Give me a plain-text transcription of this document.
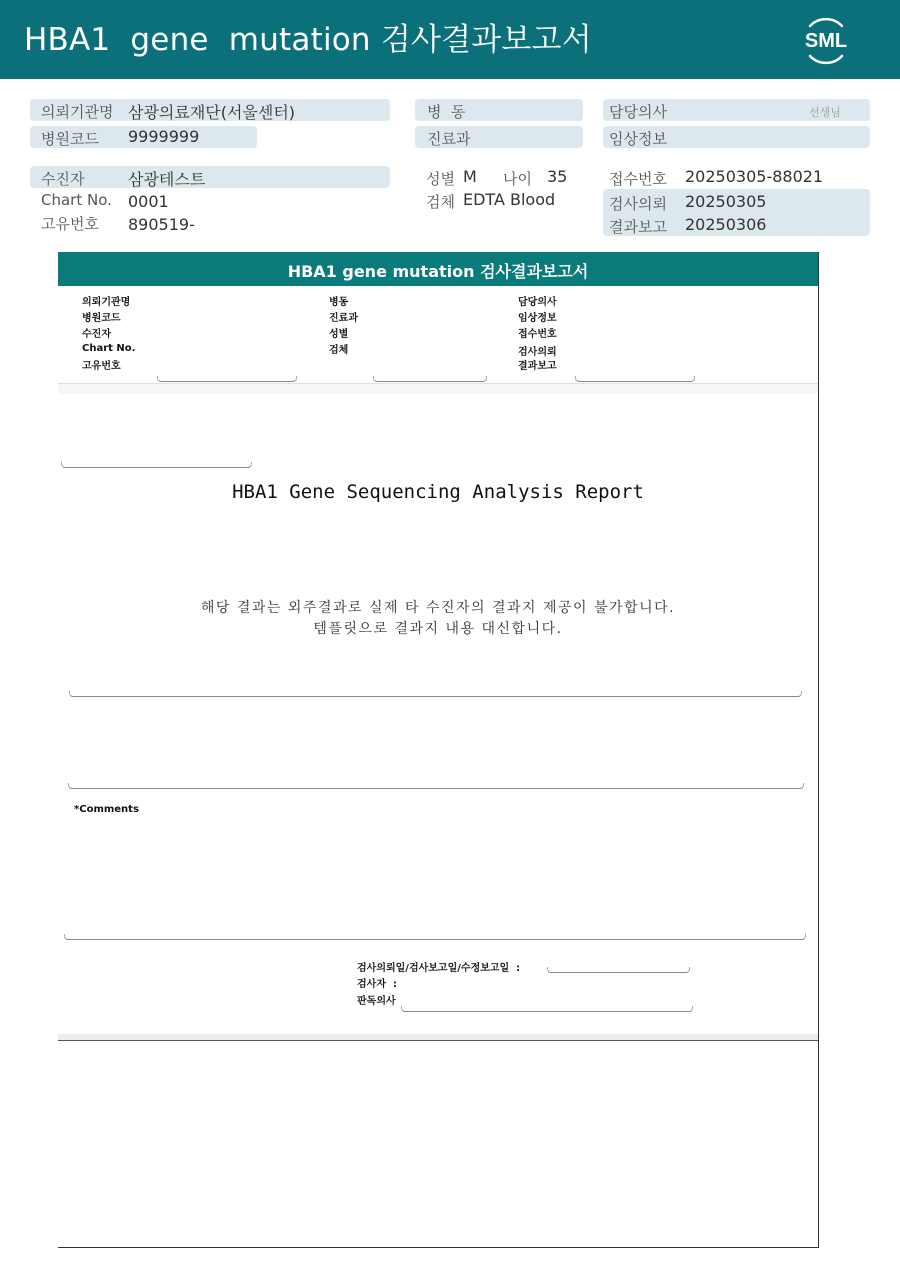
HBA1  gene  mutation 검사결과보고서	SML
의뢰기관명 삼광의료재단(서울센터)
병원코드 9999999
병  동
진료과
담당의사	선생님
임상정보
수진자	삼광테스트
Chart No. 0001
고유번호 890519-
성별 M 나이 35
검체 EDTA Blood
접수번호 20250305-88021
검사의뢰 20250305
결과보고 20250306
HBA1 gene mutation 검사결과보고서
의뢰기관명
병원코드
수진자
Chart No.
고유번호
병동
진료과
성별
검체
담당의사
임상정보
접수번호
검사의뢰
결과보고
HBA1 Gene Sequencing Analysis Report
해당 결과는 외주결과로 실제 타 수진자의 결과지 제공이 불가합니다.
템플릿으로 결과지 내용 대신합니다.
*Comments
검사의뢰일/검사보고일/수정보고일  :
검사자  :
판독의사
